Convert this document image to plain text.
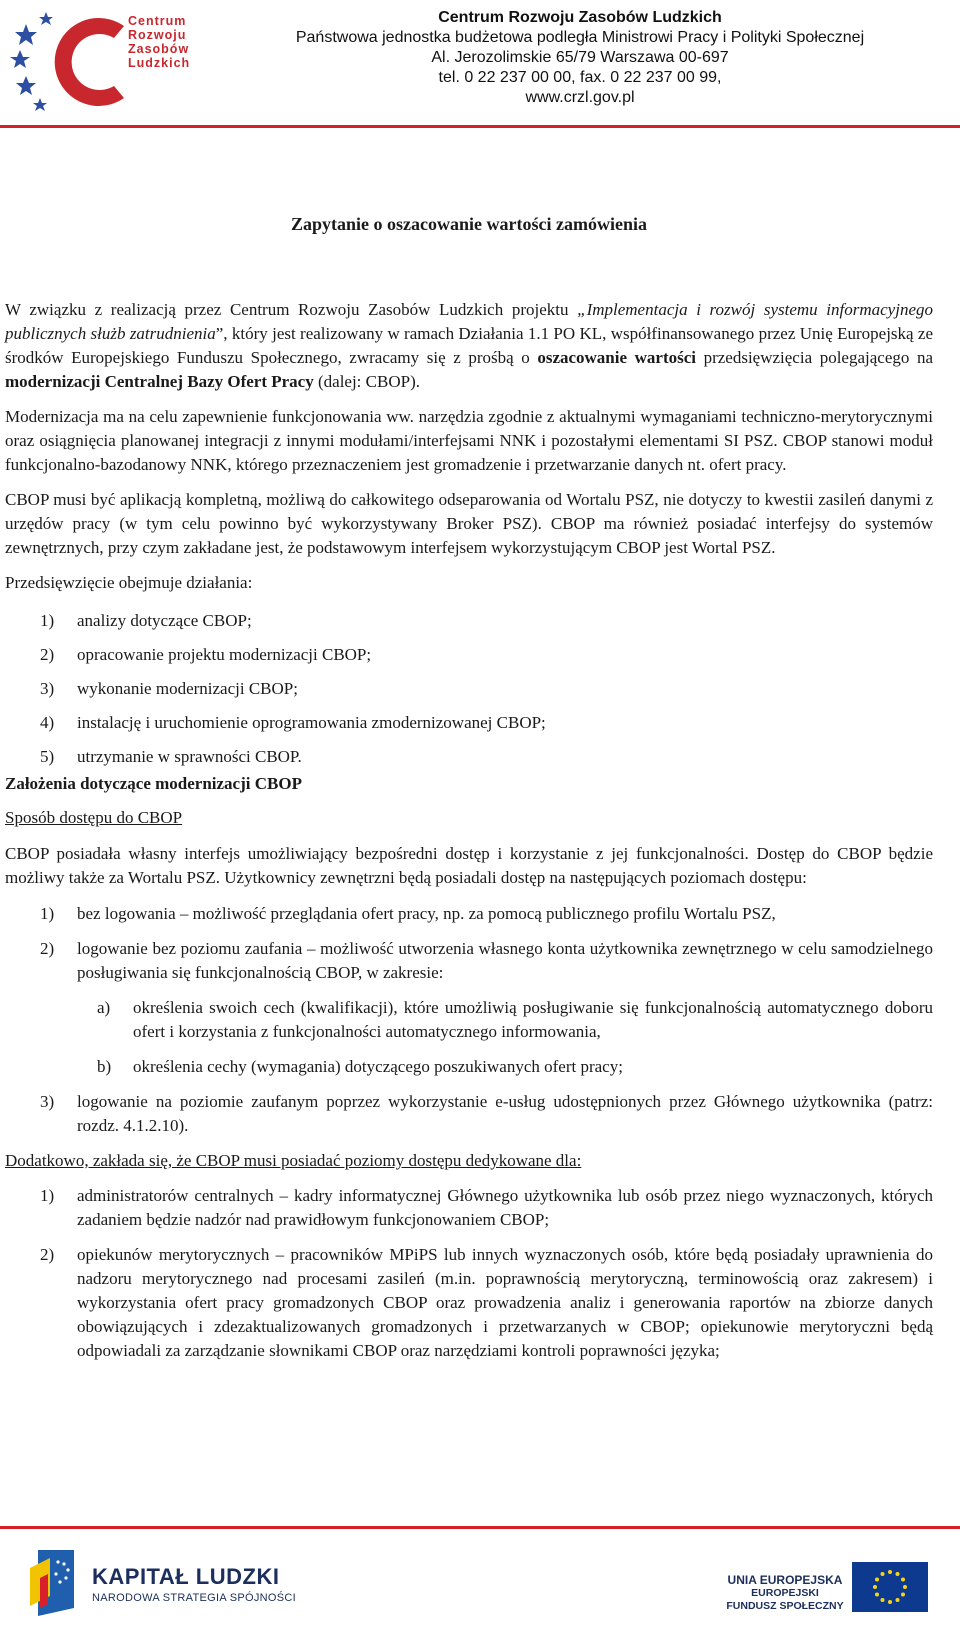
Centrum
Rozwoju
Zasobów
Ludzkich
Centrum Rozwoju Zasobów Ludzkich
Państwowa jednostka budżetowa podległa Ministrowi Pracy i Polityki Społecznej
Al. Jerozolimskie 65/79 Warszawa 00-697
tel. 0 22 237 00 00, fax. 0 22 237 00 99,
www.crzl.gov.pl
Zapytanie o oszacowanie wartości zamówienia

W związku z realizacją przez Centrum Rozwoju Zasobów Ludzkich projektu „Implementacja i rozwój systemu informacyjnego publicznych służb zatrudnienia”, który jest realizowany w ramach Działania 1.1 PO KL, współfinansowanego przez Unię Europejską ze środków Europejskiego Funduszu Społecznego, zwracamy się z prośbą o oszacowanie wartości przedsięwzięcia polegającego na modernizacji Centralnej Bazy Ofert Pracy (dalej: CBOP).

Modernizacja ma na celu zapewnienie funkcjonowania ww. narzędzia zgodnie z aktualnymi wymaganiami techniczno-merytorycznymi oraz osiągnięcia planowanej integracji z innymi modułami/interfejsami NNK i pozostałymi elementami SI PSZ. CBOP stanowi moduł funkcjonalno-bazodanowy NNK, którego przeznaczeniem jest gromadzenie i przetwarzanie danych nt. ofert pracy.

CBOP musi być aplikacją kompletną, możliwą do całkowitego odseparowania od Wortalu PSZ, nie dotyczy to kwestii zasileń danymi z urzędów pracy (w tym celu powinno być wykorzystywany Broker PSZ). CBOP ma również posiadać interfejsy do systemów zewnętrznych, przy czym zakładane jest, że podstawowym interfejsem wykorzystującym CBOP jest Wortal PSZ.

Przedsięwzięcie obejmuje działania:

1) analizy dotyczące CBOP;
2) opracowanie projektu modernizacji CBOP;
3) wykonanie modernizacji CBOP;
4) instalację i uruchomienie oprogramowania zmodernizowanej CBOP;
5) utrzymanie w sprawności CBOP.
Założenia dotyczące modernizacji CBOP
Sposób dostępu do CBOP

CBOP posiadała własny interfejs umożliwiający bezpośredni dostęp i korzystanie z jej funkcjonalności. Dostęp do CBOP będzie możliwy także za Wortalu PSZ. Użytkownicy zewnętrzni będą posiadali dostęp na następujących poziomach dostępu:

1) bez logowania – możliwość przeglądania ofert pracy, np. za pomocą publicznego profilu Wortalu PSZ,
2) logowanie bez poziomu zaufania – możliwość utworzenia własnego konta użytkownika zewnętrznego w celu samodzielnego posługiwania się funkcjonalnością CBOP, w zakresie:
a) określenia swoich cech (kwalifikacji), które umożliwią posługiwanie się funkcjonalnością automatycznego doboru ofert i korzystania z funkcjonalności automatycznego informowania,
b) określenia cechy (wymagania) dotyczącego poszukiwanych ofert pracy;
3) logowanie na poziomie zaufanym poprzez wykorzystanie e-usług udostępnionych przez Głównego użytkownika (patrz: rozdz. 4.1.2.10).
Dodatkowo, zakłada się, że CBOP musi posiadać poziomy dostępu dedykowane dla:
1) administratorów centralnych – kadry informatycznej Głównego użytkownika lub osób przez niego wyznaczonych, których zadaniem będzie nadzór nad prawidłowym funkcjonowaniem CBOP;
2) opiekunów merytorycznych – pracowników MPiPS lub innych wyznaczonych osób, które będą posiadały uprawnienia do nadzoru merytorycznego nad procesami zasileń (m.in. poprawnością merytoryczną, terminowością oraz zakresem) i wykorzystania ofert pracy gromadzonych CBOP oraz prowadzenia analiz i generowania raportów na zbiorze danych obowiązujących i zdezaktualizowanych gromadzonych i przetwarzanych w CBOP; opiekunowie merytoryczni będą odpowiadali za zarządzanie słownikami CBOP oraz narzędziami kontroli poprawności języka;
KAPITAŁ LUDZKI
NARODOWA STRATEGIA SPÓJNOŚCI
UNIA EUROPEJSKA
EUROPEJSKI
FUNDUSZ SPOŁECZNY
